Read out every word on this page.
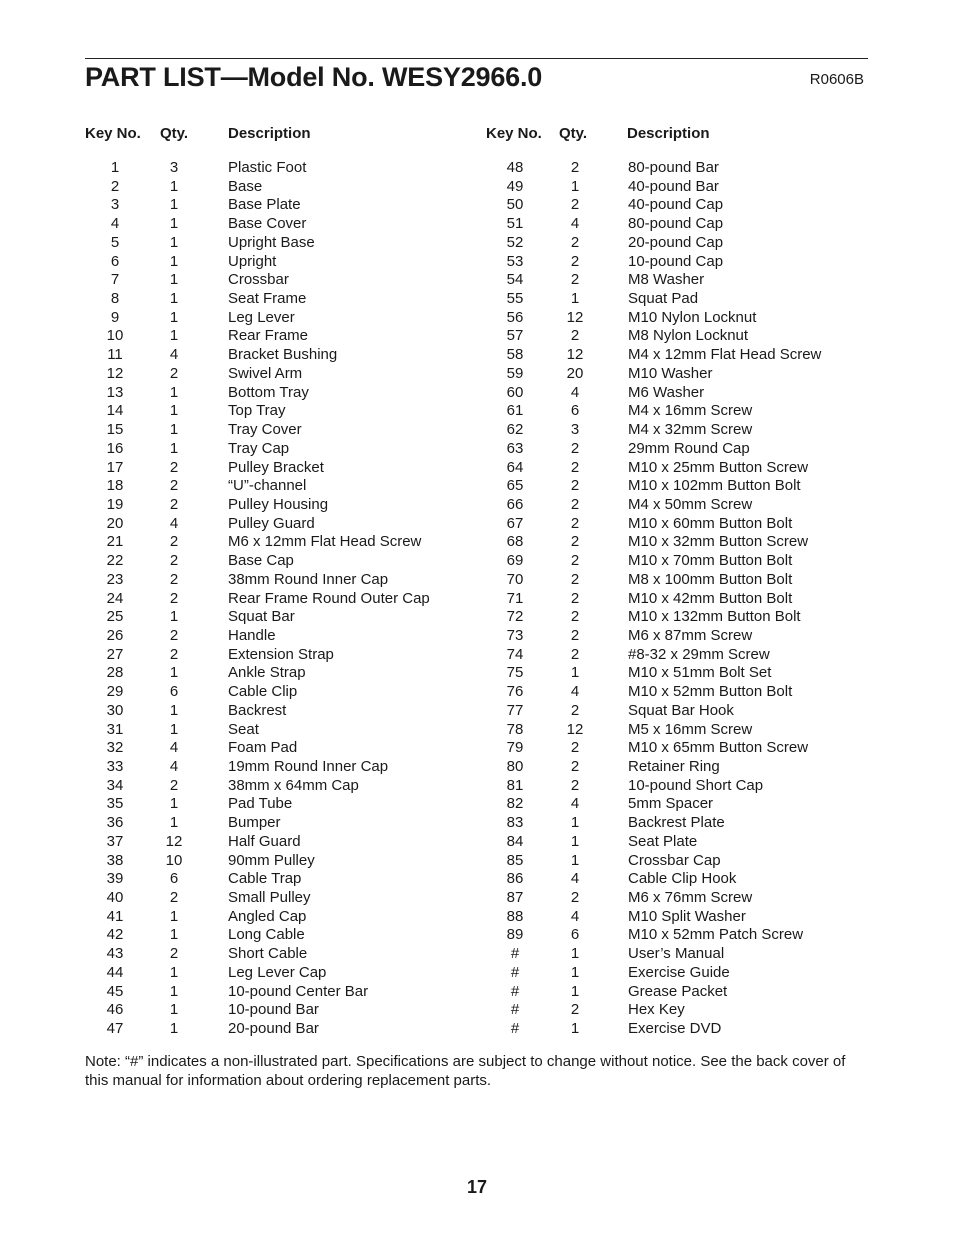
PART LIST—Model No. WESY2966.0	R0606B
Key No. Qty.	Description
1	3	Plastic Foot
2	1	Base
3	1	Base Plate
4	1	Base Cover
5	1	Upright Base
6	1	Upright
7	1	Crossbar
8	1	Seat Frame
9	1	Leg Lever
10	1	Rear Frame
11	4	Bracket Bushing
12	2	Swivel Arm
13	1	Bottom Tray
14	1	Top Tray
15	1	Tray Cover
16	1	Tray Cap
17	2	Pulley Bracket
18	2	“U”-channel
19	2	Pulley Housing
20	4	Pulley Guard
21	2	M6 x 12mm Flat Head Screw
22	2	Base Cap
23	2	38mm Round Inner Cap
24	2	Rear Frame Round Outer Cap
25	1	Squat Bar
26	2	Handle
27	2	Extension Strap
28	1	Ankle Strap
29	6	Cable Clip
30	1	Backrest
31	1	Seat
32	4	Foam Pad
33	4	19mm Round Inner Cap
34	2	38mm x 64mm Cap
35	1	Pad Tube
36	1	Bumper
37	12	Half Guard
38	10	90mm Pulley
39	6	Cable Trap
40	2	Small Pulley
41	1	Angled Cap
42	1	Long Cable
43	2	Short Cable
44	1	Leg Lever Cap
45	1	10-pound Center Bar
46	1	10-pound Bar
47	1	20-pound Bar
Key No. Qty.	Description
48	2	80-pound Bar
49	1	40-pound Bar
50	2	40-pound Cap
51	4	80-pound Cap
52	2	20-pound Cap
53	2	10-pound Cap
54	2	M8 Washer
55	1	Squat Pad
56	12	M10 Nylon Locknut
57	2	M8 Nylon Locknut
58	12	M4 x 12mm Flat Head Screw
59	20	M10 Washer
60	4	M6 Washer
61	6	M4 x 16mm Screw
62	3	M4 x 32mm Screw
63	2	29mm Round Cap
64	2	M10 x 25mm Button Screw
65	2	M10 x 102mm Button Bolt
66	2	M4 x 50mm Screw
67	2	M10 x 60mm Button Bolt
68	2	M10 x 32mm Button Screw
69	2	M10 x 70mm Button Bolt
70	2	M8 x 100mm Button Bolt
71	2	M10 x 42mm Button Bolt
72	2	M10 x 132mm Button Bolt
73	2	M6 x 87mm Screw
74	2	#8-32 x 29mm Screw
75	1	M10 x 51mm Bolt Set
76	4	M10 x 52mm Button Bolt
77	2	Squat Bar Hook
78	12	M5 x 16mm Screw
79	2	M10 x 65mm Button Screw
80	2	Retainer Ring
81	2	10-pound Short Cap
82	4	5mm Spacer
83	1	Backrest Plate
84	1	Seat Plate
85	1	Crossbar Cap
86	4	Cable Clip Hook
87	2	M6 x 76mm Screw
88	4	M10 Split Washer
89	6	M10 x 52mm Patch Screw
#	1	User’s Manual
#	1	Exercise Guide
#	1	Grease Packet
#	2	Hex Key
#	1	Exercise DVD
Note: “#” indicates a non-illustrated part. Specifications are subject to change without notice. See the back cover of this manual for information about ordering replacement parts.
17
